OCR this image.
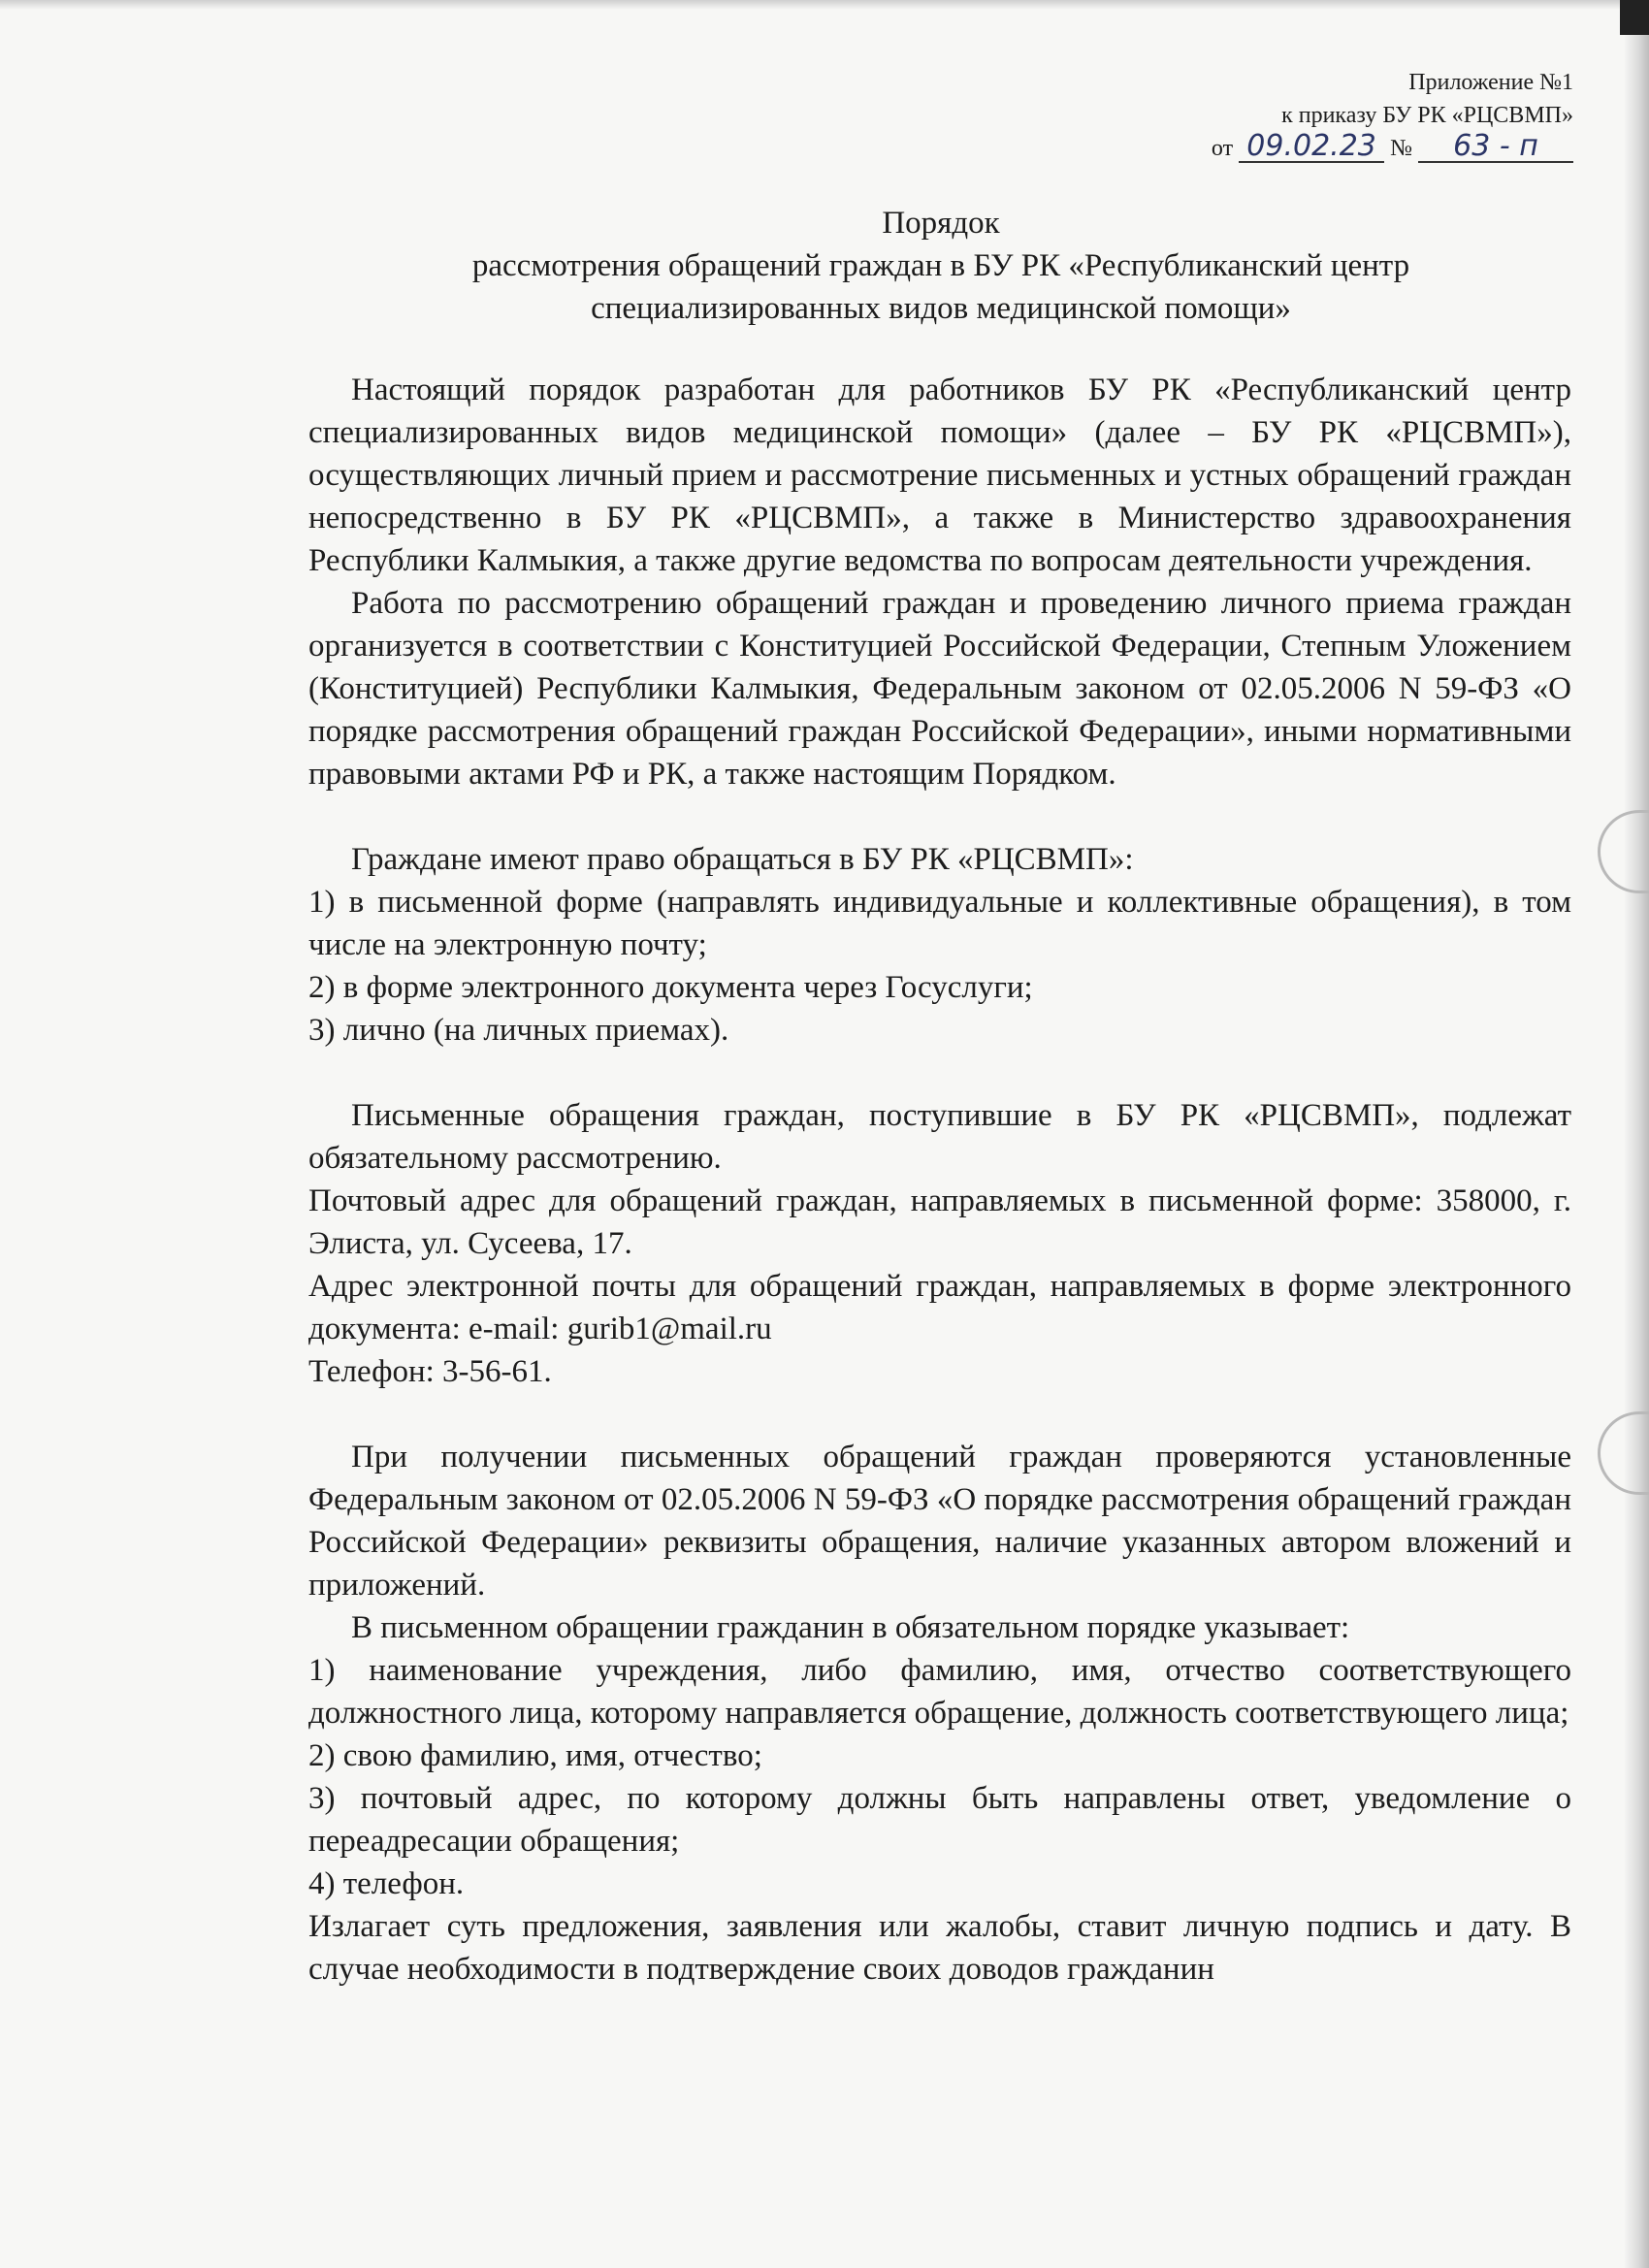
Приложение №1
к приказу БУ РК «РЦСВМП»
от 09.02.23 №	63 - п
Порядок
рассмотрения обращений граждан в БУ РК «Республиканский центр
специализированных видов медицинской помощи»

Настоящий порядок разработан для работников БУ РК «Республиканский центр специализированных видов медицинской помощи» (далее – БУ РК «РЦСВМП»), осуществляющих личный прием и рассмотрение письменных и устных обращений граждан непосредственно в БУ РК «РЦСВМП», а также в Министерство здравоохранения Республики Калмыкия, а также другие ведомства по вопросам деятельности учреждения.

Работа по рассмотрению обращений граждан и проведению личного приема граждан организуется в соответствии с Конституцией Российской Федерации, Степным Уложением (Конституцией) Республики Калмыкия, Федеральным законом от 02.05.2006 N 59-ФЗ «О порядке рассмотрения обращений граждан Российской Федерации», иными нормативными правовыми актами РФ и РК, а также настоящим Порядком.

Граждане имеют право обращаться в БУ РК «РЦСВМП»:

1) в письменной форме (направлять индивидуальные и коллективные обращения), в том числе на электронную почту;

2) в форме электронного документа через Госуслуги;

3) лично (на личных приемах).

Письменные обращения граждан, поступившие в БУ РК «РЦСВМП», подлежат обязательному рассмотрению.

Почтовый адрес для обращений граждан, направляемых в письменной форме: 358000, г. Элиста, ул. Сусеева, 17.

Адрес электронной почты для обращений граждан, направляемых в форме электронного документа: e-mail: gurib1@mail.ru

Телефон: 3-56-61.

При получении письменных обращений граждан проверяются установленные Федеральным законом от 02.05.2006 N 59-ФЗ «О порядке рассмотрения обращений граждан Российской Федерации» реквизиты обращения, наличие указанных автором вложений и приложений.

В письменном обращении гражданин в обязательном порядке указывает:

1) наименование учреждения, либо фамилию, имя, отчество соответствующего должностного лица, которому направляется обращение, должность соответствующего лица;

2) свою фамилию, имя, отчество;

3) почтовый адрес, по которому должны быть направлены ответ, уведомление о переадресации обращения;

4) телефон.

Излагает суть предложения, заявления или жалобы, ставит личную подпись и дату. В случае необходимости в подтверждение своих доводов гражданин
